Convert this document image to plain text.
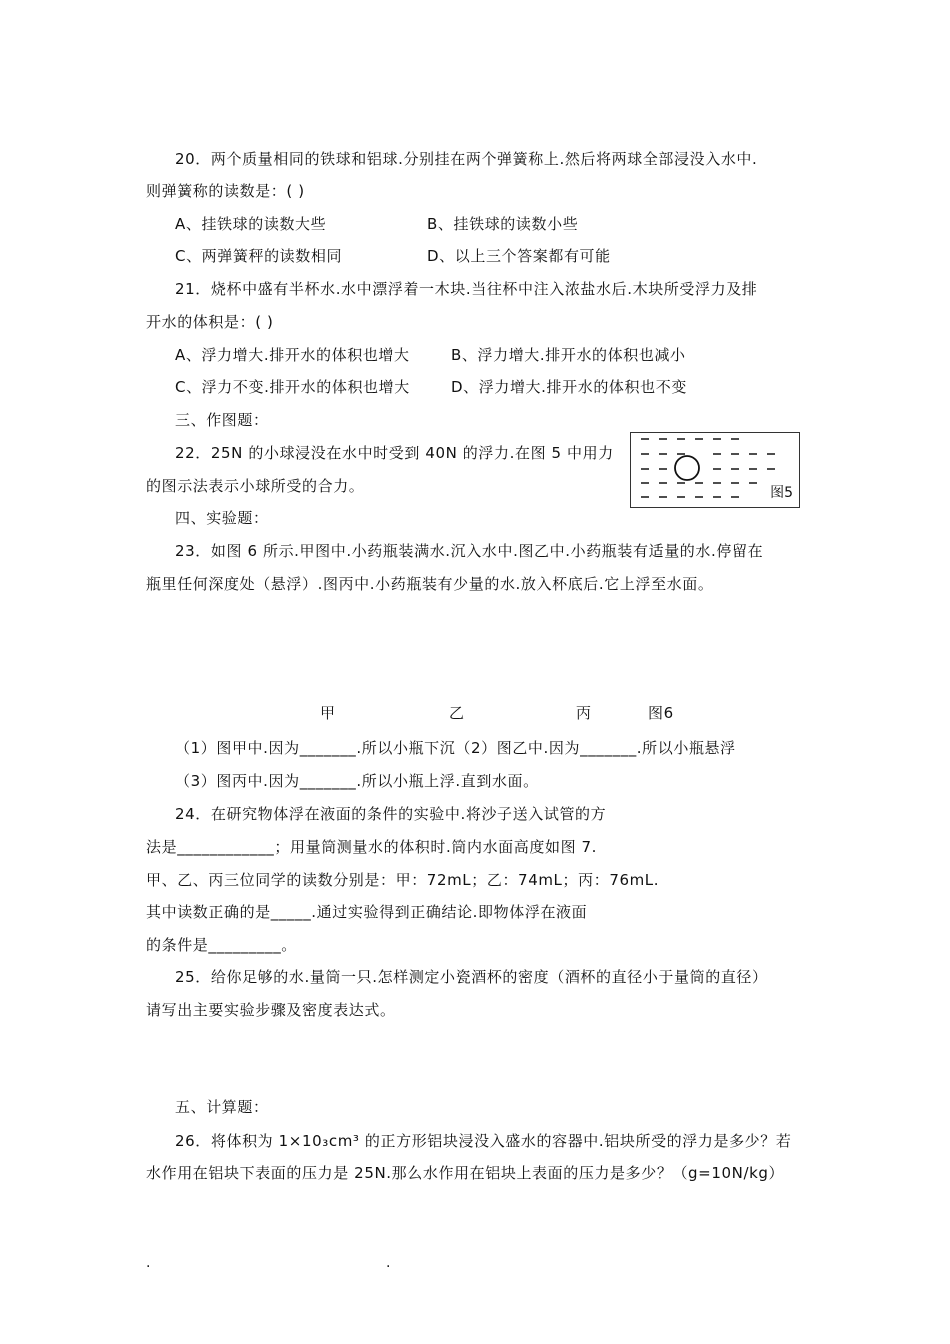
20．两个质量相同的铁球和铝球.分别挂在两个弹簧称上.然后将两球全部浸没入水中.
则弹簧称的读数是：( )
A、挂铁球的读数大些	B、挂铁球的读数小些
C、两弹簧秤的读数相同	D、以上三个答案都有可能
21．烧杯中盛有半杯水.水中漂浮着一木块.当往杯中注入浓盐水后.木块所受浮力及排
开水的体积是：( )
A、浮力增大.排开水的体积也增大	B、浮力增大.排开水的体积也减小
C、浮力不变.排开水的体积也增大	D、浮力增大.排开水的体积也不变
三、作图题：
22．25N 的小球浸没在水中时受到 40N 的浮力.在图 5 中用力
的图示法表示小球所受的合力。	图5
四、实验题：
23．如图 6 所示.甲图中.小药瓶装满水.沉入水中.图乙中.小药瓶装有适量的水.停留在
瓶里任何深度处（悬浮）.图丙中.小药瓶装有少量的水.放入杯底后.它上浮至水面。
甲	乙	丙	图6
（1）图甲中.因为_______.所以小瓶下沉（2）图乙中.因为_______.所以小瓶悬浮
（3）图丙中.因为_______.所以小瓶上浮.直到水面。
24．在研究物体浮在液面的条件的实验中.将沙子送入试管的方
法是____________；用量筒测量水的体积时.筒内水面高度如图 7.
甲、乙、丙三位同学的读数分别是：甲：72mL；乙：74mL；丙：76mL.
其中读数正确的是_____.通过实验得到正确结论.即物体浮在液面
的条件是_________。
25．给你足够的水.量筒一只.怎样测定小瓷酒杯的密度（酒杯的直径小于量筒的直径）
请写出主要实验步骤及密度表达式。
五、计算题：
26．将体积为 1×10₃cm³ 的正方形铝块浸没入盛水的容器中.铝块所受的浮力是多少？若
水作用在铝块下表面的压力是 25N.那么水作用在铝块上表面的压力是多少？（g=10N/kg）
.	.
